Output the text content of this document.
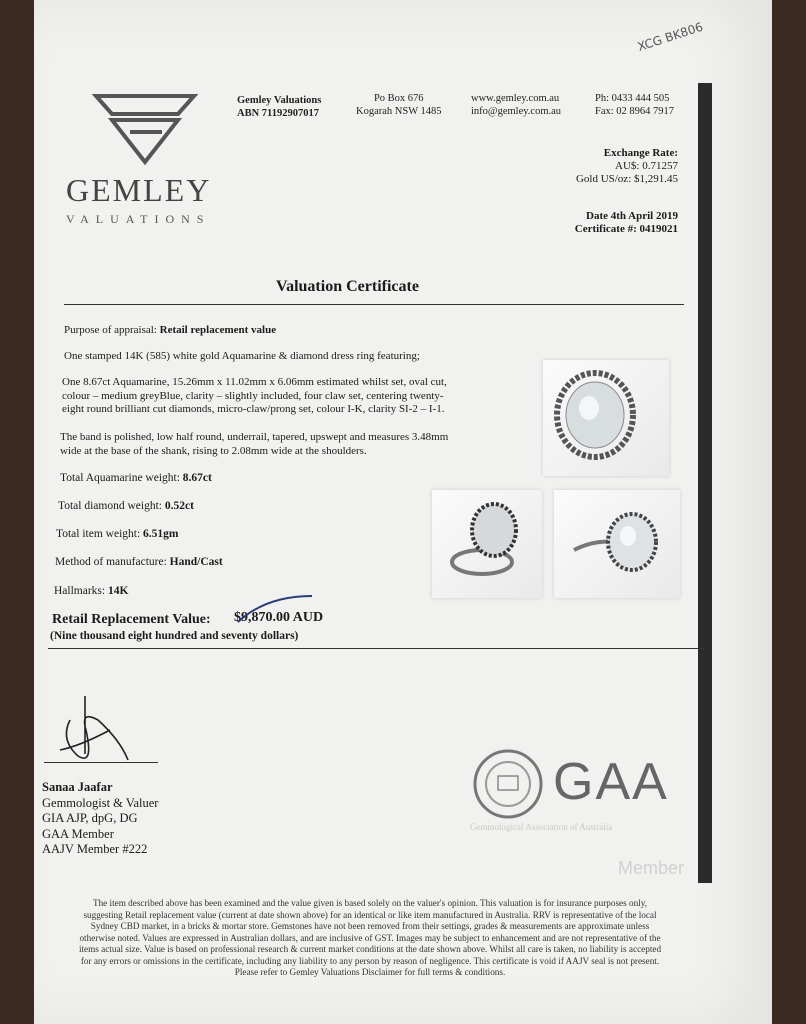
XCG BK806
GEMLEY
VALUATIONS
Gemley Valuations
ABN 71192907017
Po Box 676
Kogarah NSW 1485
www.gemley.com.au
info@gemley.com.au
Ph: 0433 444 505
Fax: 02 8964 7917
Exchange Rate:
AU$: 0.71257
Gold US/oz: $1,291.45
Date 4th April 2019
Certificate #: 0419021
Valuation Certificate
Purpose of appraisal: Retail replacement value
One stamped 14K (585) white gold Aquamarine & diamond dress ring featuring;
One 8.67ct Aquamarine, 15.26mm x 11.02mm x 6.06mm estimated whilst set, oval cut,
colour – medium greyBlue, clarity – slightly included, four claw set, centering twenty-
eight round brilliant cut diamonds, micro-claw/prong set, colour I-K, clarity SI-2 – I-1.
The band is polished, low half round, underrail, tapered, upswept and measures 3.48mm
wide at the base of the shank, rising to 2.08mm wide at the shoulders.
Total Aquamarine weight: 8.67ct
Total diamond weight: 0.52ct
Total item weight: 6.51gm
Method of manufacture: Hand/Cast
Hallmarks: 14K
Retail Replacement Value: $9,870.00 AUD
(Nine thousand eight hundred and seventy dollars)
Sanaa Jaafar
Gemmologist & Valuer
GIA AJP, dpG, DG
GAA Member
AAJV Member #222
GAA
Gemmological Association of Australia
Member
The item described above has been examined and the value given is based solely on the valuer's opinion. This valuation is for insurance purposes only,
suggesting Retail replacement value (current at date shown above) for an identical or like item manufactured in Australia. RRV is representative of the local
Sydney CBD market, in a bricks & mortar store. Gemstones have not been removed from their settings, grades & measurements are approximate unless
otherwise noted. Values are expressed in Australian dollars, and are inclusive of GST. Images may be subject to enhancement and are not representative of the
items actual size. Value is based on professional research & current market conditions at the date shown above. Whilst all care is taken, no liability is accepted
for any errors or omissions in the certificate, including any liability to any person by reason of negligence. This certificate is void if AAJV seal is not present.
Please refer to Gemley Valuations Disclaimer for full terms & conditions.
